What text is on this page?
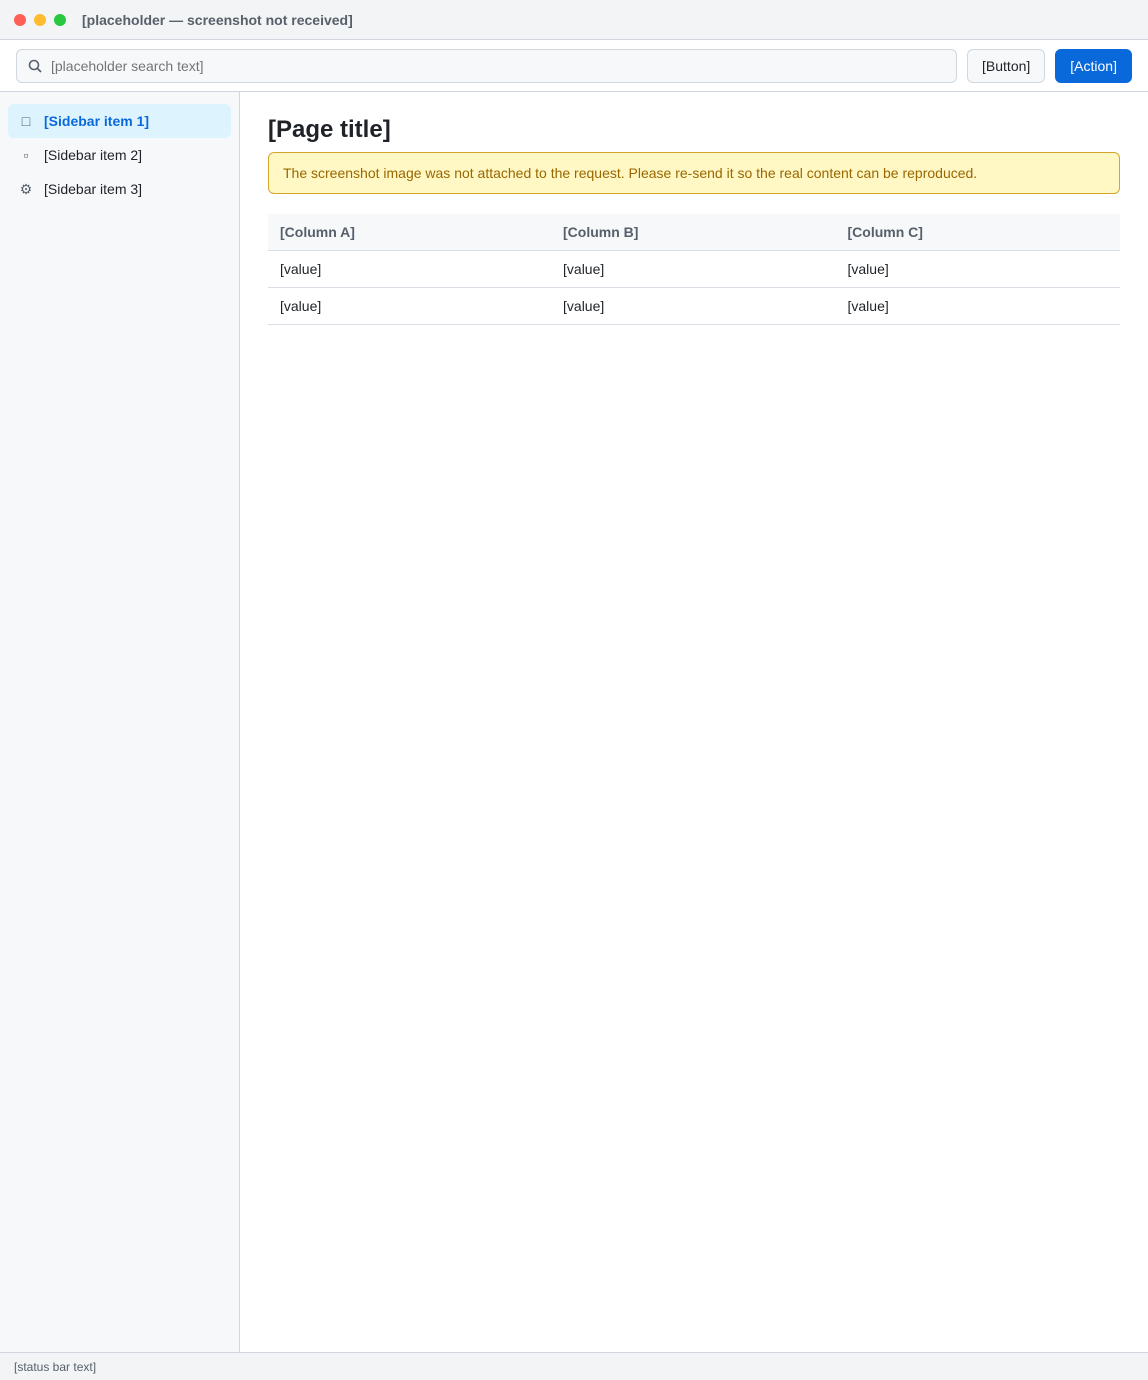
[placeholder — screenshot not received]
[placeholder search text]
[Button]	[Action]
□ [Sidebar item 1]
▫	[Sidebar item 2]
⚙ [Sidebar item 3]
[Page title]

The screenshot image was not attached to the request. Please re-send it so the real content can be reproduced.

[Column A]	[Column B]	[Column C]
[value]	[value]	[value]
[value]	[value]	[value]
[status bar text]
